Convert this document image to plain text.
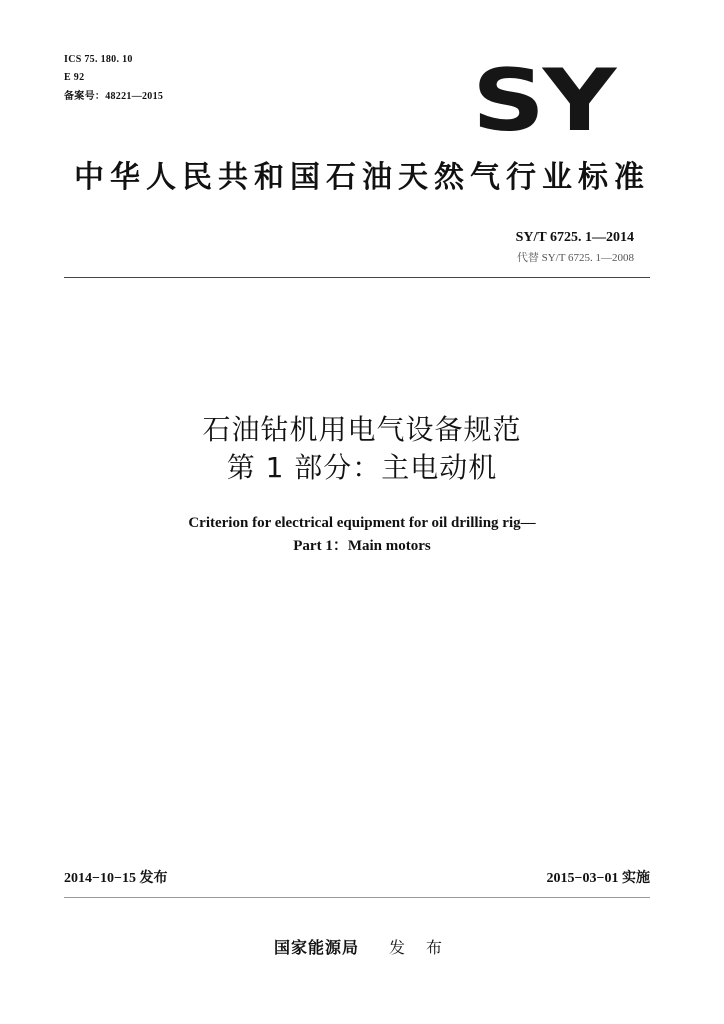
ICS 75. 180. 10
E 92
备案号：48221—2015	SY
中华人民共和国石油天然气行业标准
SY/T 6725. 1—2014
代替 SY/T 6725. 1—2008
石油钻机用电气设备规范
第 1 部分：主电动机
Criterion for electrical equipment for oil drilling rig—
Part 1：Main motors
2014−10−15 发布	2015−03−01 实施
国家能源局 发 布
